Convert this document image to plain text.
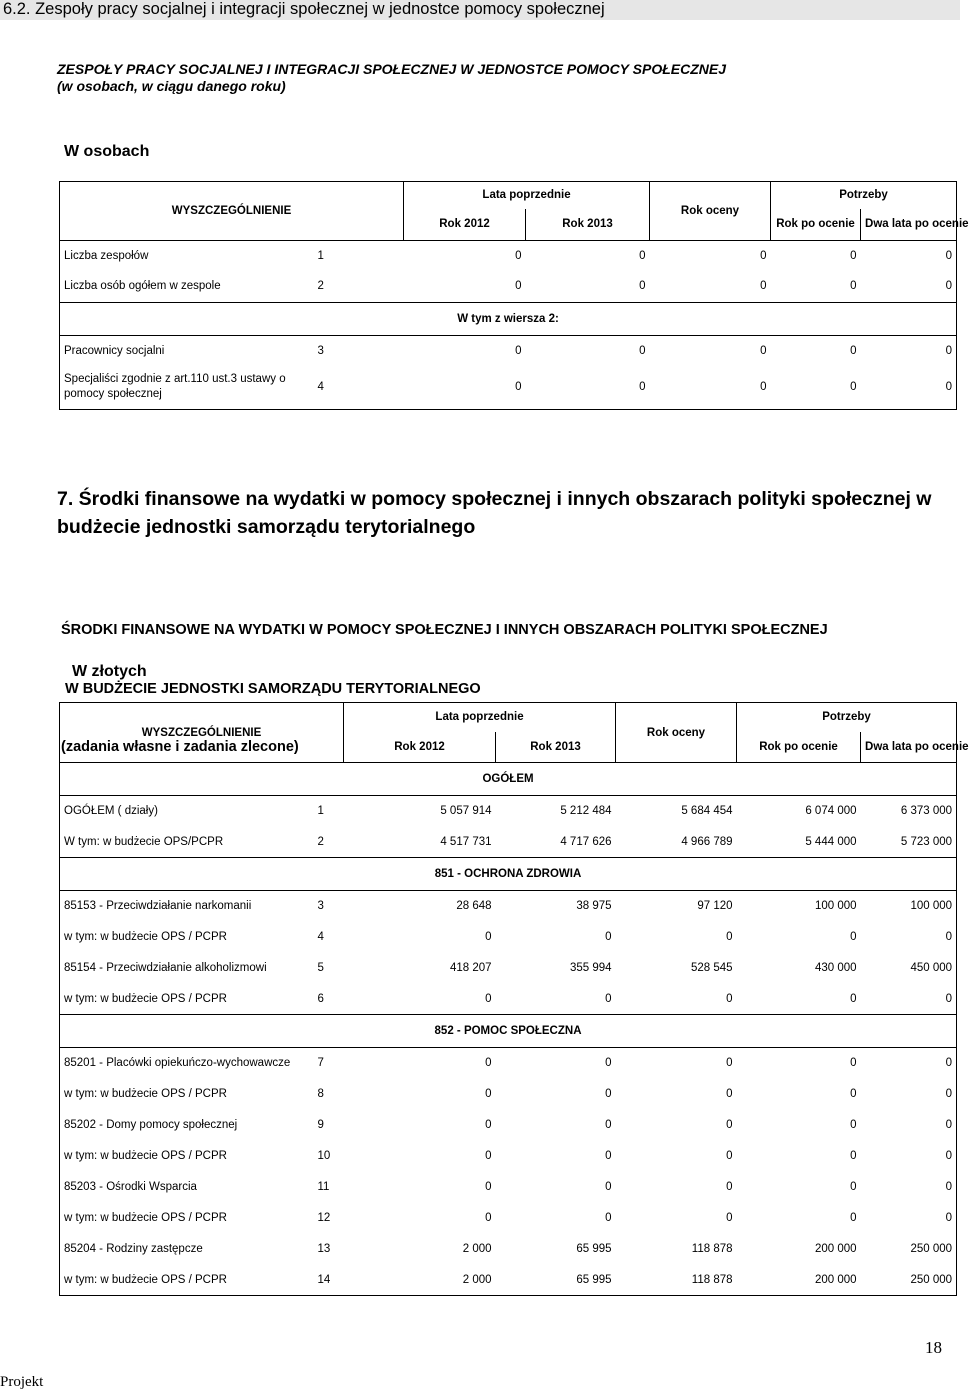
6.2. Zespoły pracy socjalnej i integracji społecznej w jednostce pomocy społecznej
ZESPOŁY PRACY SOCJALNEJ I INTEGRACJI SPOŁECZNEJ W JEDNOSTCE POMOCY SPOŁECZNEJ
(w osobach, w ciągu danego roku)
W osobach
WYSZCZEGÓLNIENIE		Lata poprzednie		Rok oceny	Potrzeby	
		Rok 2012	Rok 2013		Rok po ocenie	Dwa lata po ocenie
Liczba zespołów	1	0	0	0	0	0
Liczba osób ogółem w zespole	2	0	0	0	0	0
W tym z wiersza 2:						
Pracownicy socjalni	3	0	0	0	0	0
Specjaliści zgodnie z art.110 ust.3 ustawy o pomocy społecznej	4	0	0	0	0	0
7. Środki finansowe na wydatki w pomocy społecznej i innych obszarach polityki społecznej w budżecie jednostki samorządu terytorialnego

ŚRODKI FINANSOWE NA WYDATKI W POMOCY SPOŁECZNEJ I INNYCH OBSZARACH POLITYKI SPOŁECZNEJ

W BUDŻECIE JEDNOSTKI SAMORZĄDU TERYTORIALNEGO

(zadania własne i zadania zlecone)

W złotych
WYSZCZEGÓLNIENIE		Lata poprzednie		Rok oceny	Potrzeby	
		Rok 2012	Rok 2013		Rok po ocenie	Dwa lata po ocenie
OGÓŁEM						
OGÓŁEM ( działy)	1	5 057 914	5 212 484	5 684 454	6 074 000	6 373 000
W tym: w budżecie OPS/PCPR	2	4 517 731	4 717 626	4 966 789	5 444 000	5 723 000
851 - OCHRONA ZDROWIA						
85153 - Przeciwdziałanie narkomanii	3	28 648	38 975	97 120	100 000	100 000
w tym: w budżecie OPS / PCPR	4	0	0	0	0	0
85154 - Przeciwdziałanie alkoholizmowi	5	418 207	355 994	528 545	430 000	450 000
w tym: w budżecie OPS / PCPR	6	0	0	0	0	0
852 - POMOC SPOŁECZNA						
85201 - Placówki opiekuńczo-wychowawcze	7	0	0	0	0	0
w tym: w budżecie OPS / PCPR	8	0	0	0	0	0
85202 - Domy pomocy społecznej	9	0	0	0	0	0
w tym: w budżecie OPS / PCPR	10	0	0	0	0	0
85203 - Ośrodki Wsparcia	11	0	0	0	0	0
w tym: w budżecie OPS / PCPR	12	0	0	0	0	0
85204 - Rodziny zastępcze	13	2 000	65 995	118 878	200 000	250 000
w tym: w budżecie OPS / PCPR	14	2 000	65 995	118 878	200 000	250 000
18
Projekt
